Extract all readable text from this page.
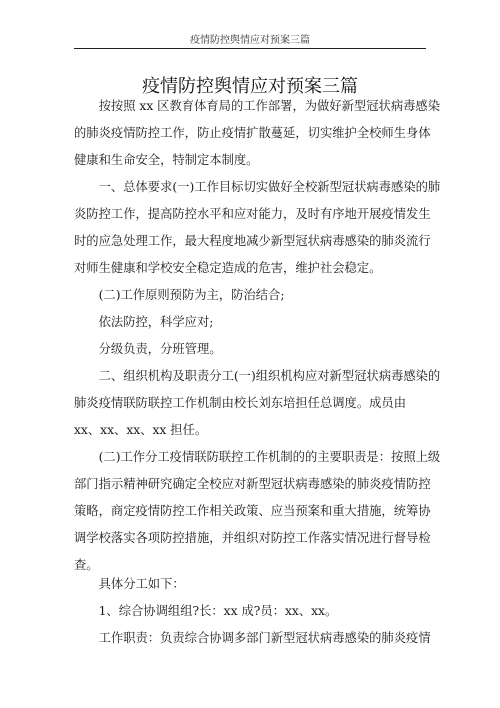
疫情防控舆情应对预案三篇
疫情防控舆情应对预案三篇
按按照 xx 区教育体育局的工作部署，为做好新型冠状病毒感染
的肺炎疫情防控工作，防止疫情扩散蔓延，切实维护全校师生身体
健康和生命安全，特制定本制度。
一、总体要求(一)工作目标切实做好全校新型冠状病毒感染的肺
炎防控工作，提高防控水平和应对能力，及时有序地开展疫情发生
时的应急处理工作，最大程度地减少新型冠状病毒感染的肺炎流行
对师生健康和学校安全稳定造成的危害，维护社会稳定。
(二)工作原则预防为主，防治结合;
依法防控，科学应对;
分级负责，分班管理。
二、组织机构及职责分工(一)组织机构应对新型冠状病毒感染的
肺炎疫情联防联控工作机制由校长刘东培担任总调度。成员由
xx、xx、xx、xx 担任。
(二)工作分工疫情联防联控工作机制的的主要职责是：按照上级
部门指示精神研究确定全校应对新型冠状病毒感染的肺炎疫情防控
策略，商定疫情防控工作相关政策、应当预案和重大措施，统筹协
调学校落实各项防控措施，并组织对防控工作落实情况进行督导检
查。
具体分工如下：
1、综合协调组组?长：xx 成?员：xx、xx。
工作职责：负责综合协调多部门新型冠状病毒感染的肺炎疫情
